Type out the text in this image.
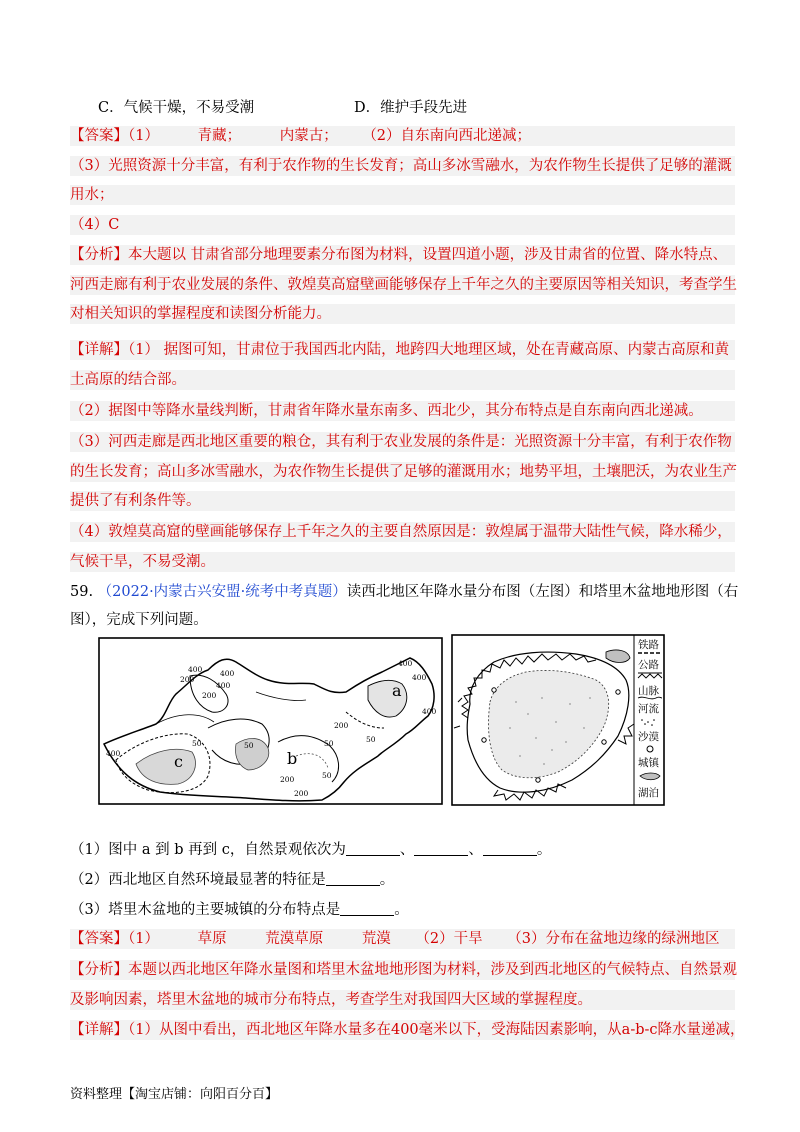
C．气候干燥，不易受潮	D．维护手段先进
【答案】（1）	青藏；	内蒙古； （2）自东南向西北递减；
（3）光照资源十分丰富，有利于农作物的生长发育；高山多冰雪融水，为农作物生长提供了足够的灌溉
用水；
（4）C
【分析】本大题以 甘肃省部分地理要素分布图为材料，设置四道小题，涉及甘肃省的位置、降水特点、
河西走廊有利于农业发展的条件、敦煌莫高窟壁画能够保存上千年之久的主要原因等相关知识，考查学生
对相关知识的掌握程度和读图分析能力。
【详解】（1） 据图可知，甘肃位于我国西北内陆，地跨四大地理区域，处在青藏高原、内蒙古高原和黄
土高原的结合部。
（2）据图中等降水量线判断，甘肃省年降水量东南多、西北少，其分布特点是自东南向西北递减。
（3）河西走廊是西北地区重要的粮仓，其有利于农业发展的条件是：光照资源十分丰富，有利于农作物
的生长发育；高山多冰雪融水，为农作物生长提供了足够的灌溉用水；地势平坦，土壤肥沃，为农业生产
提供了有利条件等。
（4）敦煌莫高窟的壁画能够保存上千年之久的主要自然原因是：敦煌属于温带大陆性气候，降水稀少，
气候干旱，不易受潮。
59. （2022·内蒙古兴安盟·统考中考真题）读西北地区年降水量分布图（左图）和塔里木盆地地形图（右
图），完成下列问题。
a
b
c
400
200
400
400
200
400
400
400
200
50
50
50	50
200
200
400
50
铁路
公路
山脉
河流
沙漠
城镇
湖泊
（1）图中 a 到 b 再到 c，自然景观依次为	、	、	。
（2）西北地区自然环境最显著的特征是	。
（3）塔里木盆地的主要城镇的分布特点是	。
【答案】（1）	草原	荒漠草原	荒漠 （2）干旱 （3）分布在盆地边缘的绿洲地区
【分析】本题以西北地区年降水量图和塔里木盆地地形图为材料，涉及到西北地区的气候特点、自然景观
及影响因素，塔里木盆地的城市分布特点，考查学生对我国四大区域的掌握程度。
【详解】（1）从图中看出，西北地区年降水量多在400毫米以下，受海陆因素影响，从a-b-c降水量递减，
资料整理【淘宝店铺：向阳百分百】
